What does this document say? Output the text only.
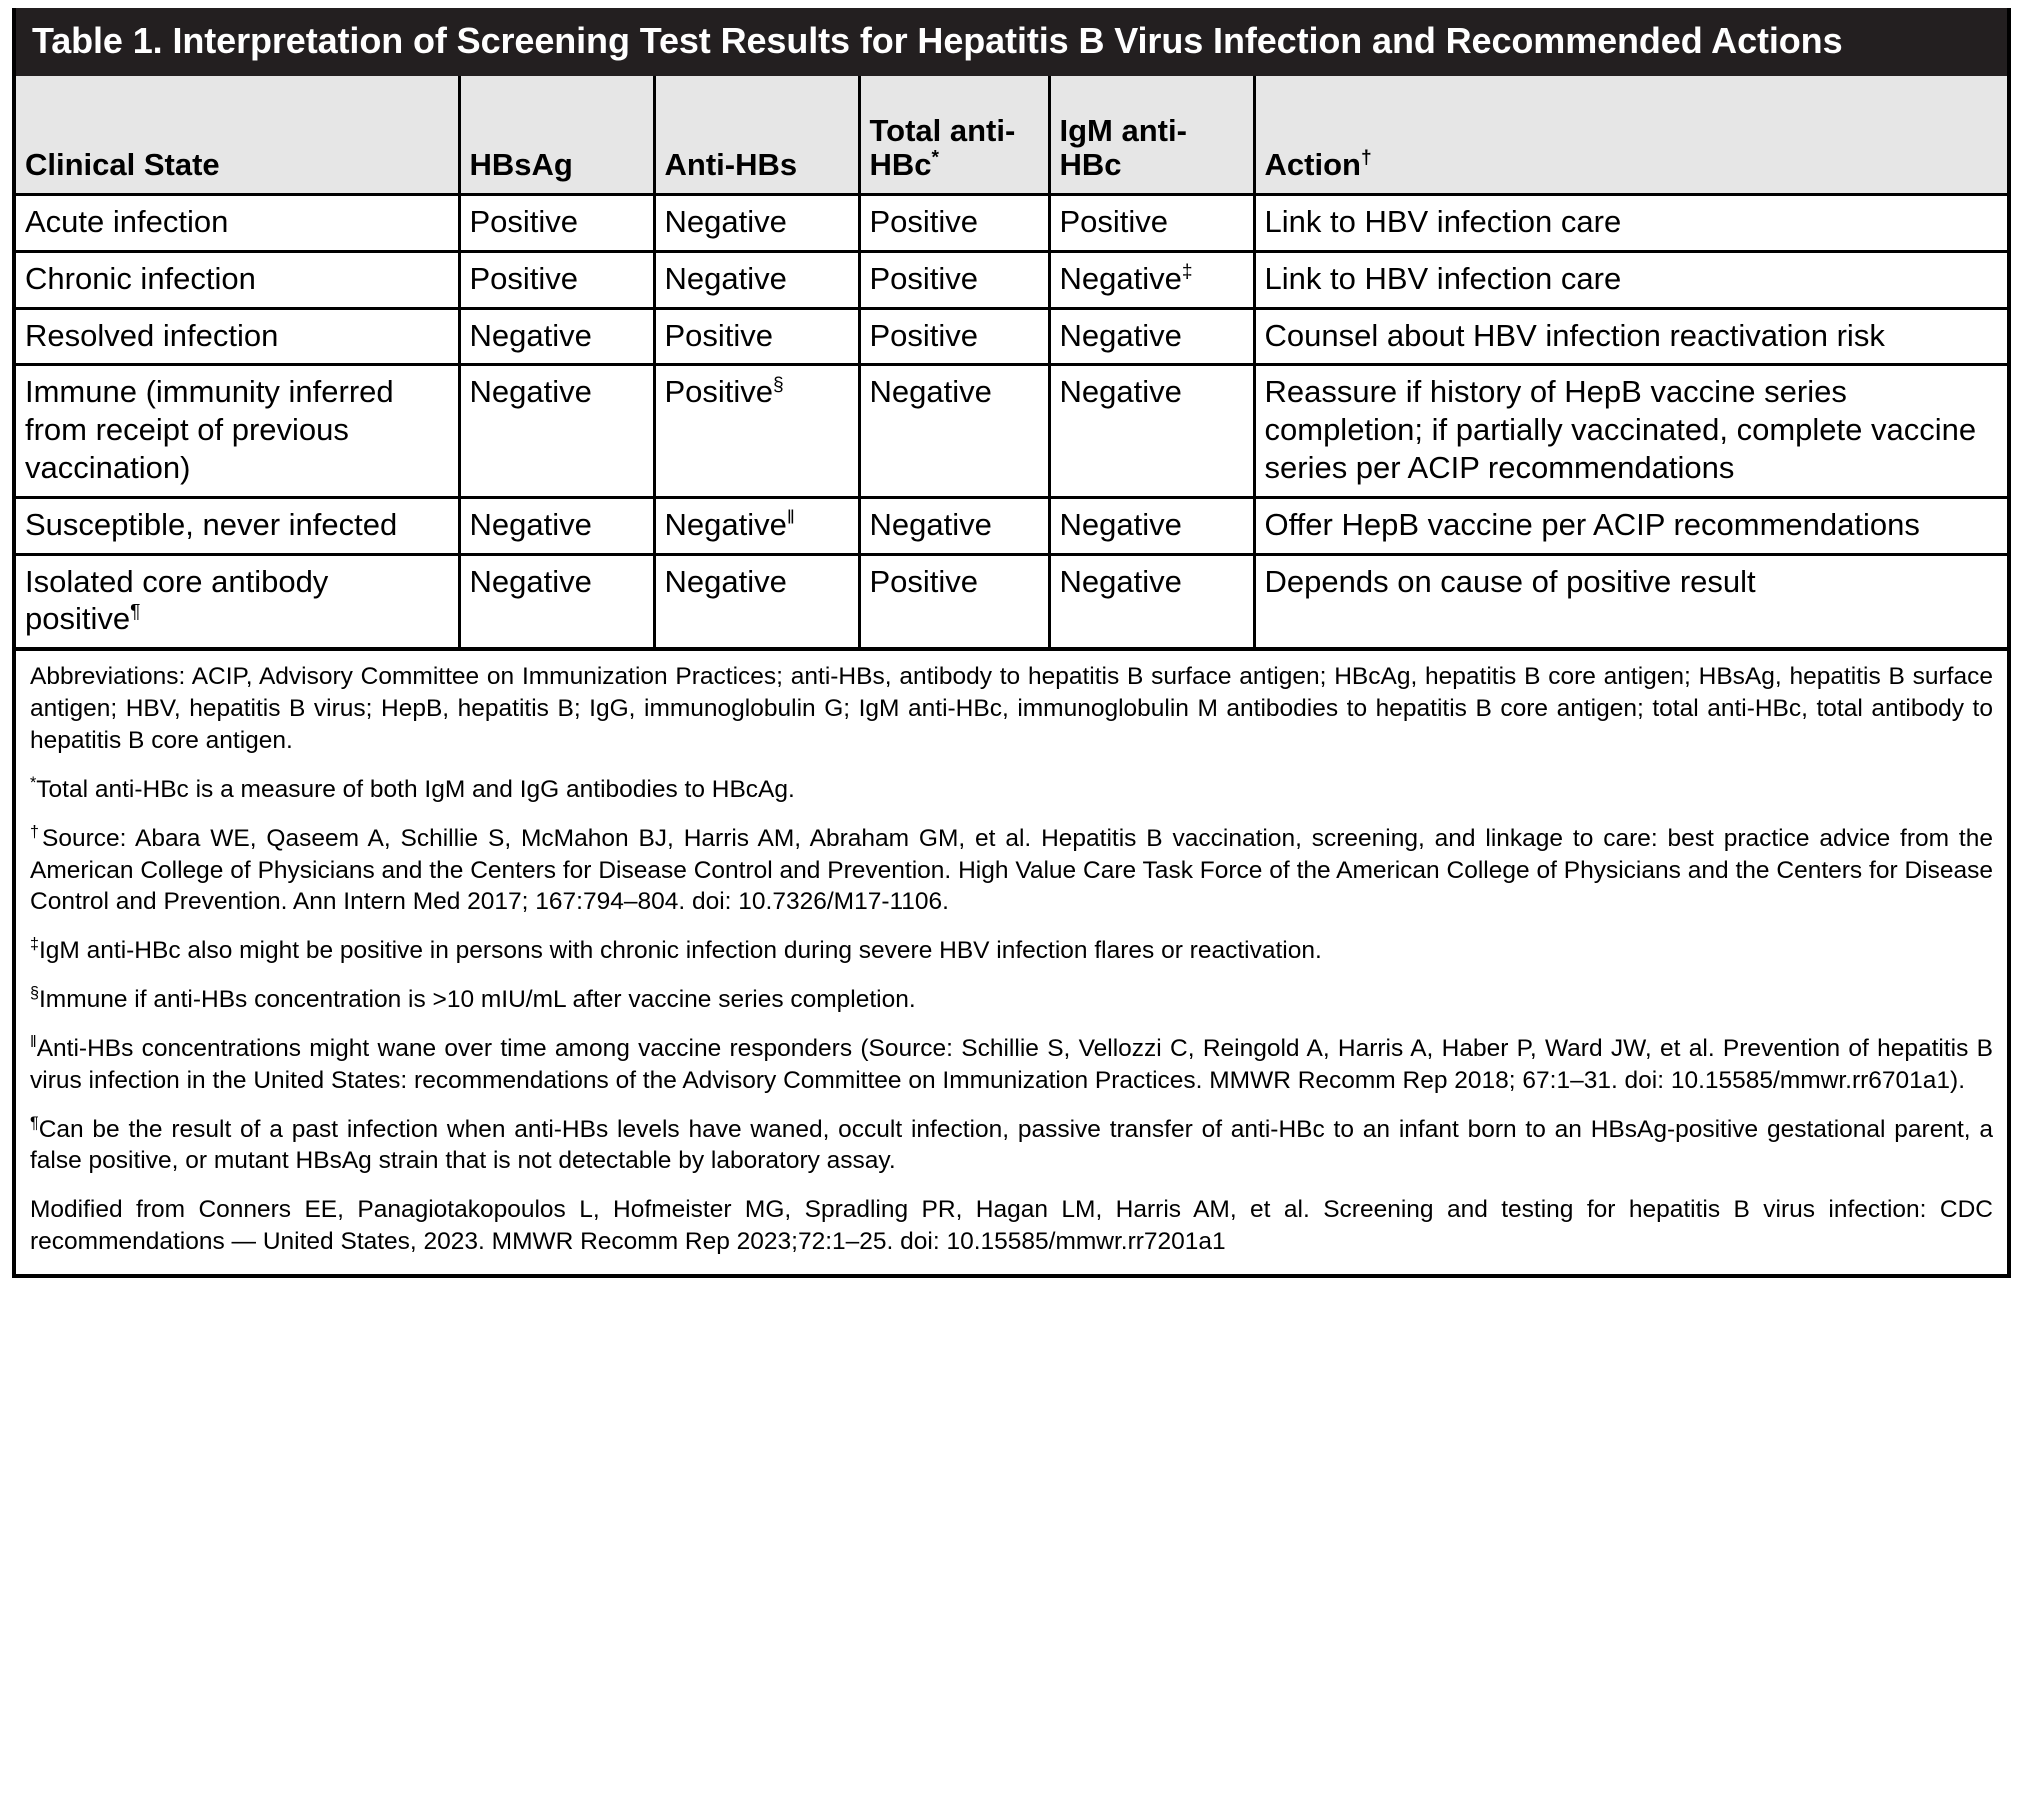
Table 1. Interpretation of Screening Test Results for Hepatitis B Virus Infection and Recommended Actions
Clinical State	HBsAg	Anti-HBs	Total anti-HBc*	IgM anti-HBc	Action†
Acute infection	Positive	Negative	Positive	Positive	Link to HBV infection care
Chronic infection	Positive	Negative	Positive	Negative‡	Link to HBV infection care
Resolved infection	Negative	Positive	Positive	Negative	Counsel about HBV infection reactivation risk
Immune (immunity inferred from receipt of previous vaccination)	Negative	Positive§	Negative	Negative	Reassure if history of HepB vaccine series completion; if partially vaccinated, complete vaccine series per ACIP recommendations
Susceptible, never infected	Negative	Negative‖	Negative	Negative	Offer HepB vaccine per ACIP recommendations
Isolated core antibody positive¶	Negative	Negative	Positive	Negative	Depends on cause of positive result

Abbreviations: ACIP, Advisory Committee on Immunization Practices; anti-HBs, antibody to hepatitis B surface antigen; HBcAg, hepatitis B core antigen; HBsAg, hepatitis B surface antigen; HBV, hepatitis B virus; HepB, hepatitis B; IgG, immunoglobulin G; IgM anti-HBc, immunoglobulin M antibodies to hepatitis B core antigen; total anti-HBc, total antibody to hepatitis B core antigen.

*Total anti-HBc is a measure of both IgM and IgG antibodies to HBcAg.

†Source: Abara WE, Qaseem A, Schillie S, McMahon BJ, Harris AM, Abraham GM, et al. Hepatitis B vaccination, screening, and linkage to care: best practice advice from the American College of Physicians and the Centers for Disease Control and Prevention. High Value Care Task Force of the American College of Physicians and the Centers for Disease Control and Prevention. Ann Intern Med 2017; 167:794–804. doi: 10.7326/M17-1106.

‡IgM anti-HBc also might be positive in persons with chronic infection during severe HBV infection flares or reactivation.

§Immune if anti-HBs concentration is >10 mIU/mL after vaccine series completion.

‖Anti-HBs concentrations might wane over time among vaccine responders (Source: Schillie S, Vellozzi C, Reingold A, Harris A, Haber P, Ward JW, et al. Prevention of hepatitis B virus infection in the United States: recommendations of the Advisory Committee on Immunization Practices. MMWR Recomm Rep 2018; 67:1–31. doi: 10.15585/mmwr.rr6701a1).

¶Can be the result of a past infection when anti-HBs levels have waned, occult infection, passive transfer of anti-HBc to an infant born to an HBsAg-positive gestational parent, a false positive, or mutant HBsAg strain that is not detectable by laboratory assay.

Modified from Conners EE, Panagiotakopoulos L, Hofmeister MG, Spradling PR, Hagan LM, Harris AM, et al. Screening and testing for hepatitis B virus infection: CDC recommendations — United States, 2023. MMWR Recomm Rep 2023;72:1–25. doi: 10.15585/mmwr.rr7201a1
